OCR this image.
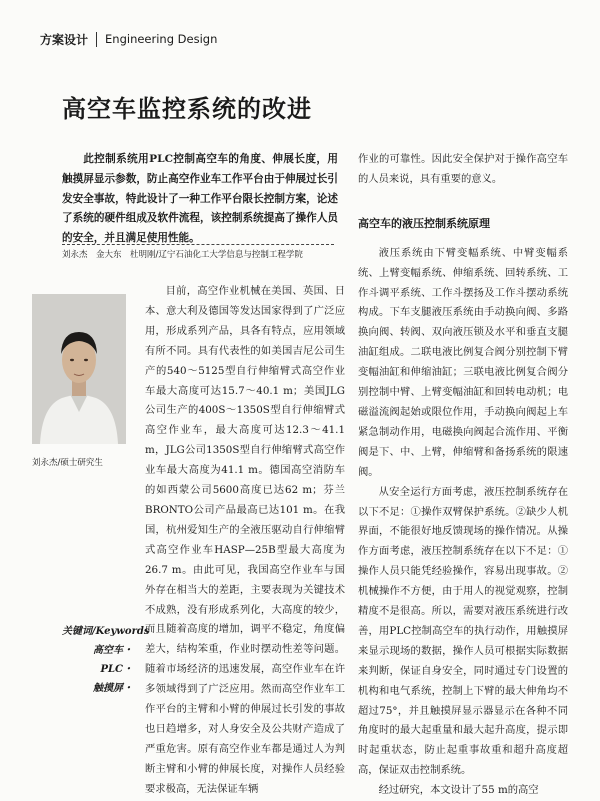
方案设计 Engineering Design
高空车监控系统的改进
此控制系统用PLC控制高空车的角度、伸展长度，用触摸屏显示参数，防止高空作业车工作平台由于伸展过长引发安全事故，特此设计了一种工作平台限长控制方案，论述了系统的硬件组成及软件流程，该控制系统提高了操作人员的安全，并且满足使用性能。
刘永杰　金大东　杜明刚/辽宁石油化工大学信息与控制工程学院
刘永杰/硕士研究生
关键词/Keywords
高空车・
PLC・
触摸屏・

目前，高空作业机械在美国、英国、日本、意大利及德国等发达国家得到了广泛应用，形成系列产品，具各有特点，应用领域有所不同。具有代表性的如美国吉尼公司生产的540～5125型自行伸缩臂式高空作业车最大高度可达15.7～40.1 m；美国JLG公司生产的400S～1350S型自行伸缩臂式高空作业车，最大高度可达12.3～41.1 m，JLG公司1350S型自行伸缩臂式高空作业车最大高度为41.1 m。德国高空消防车的如西蒙公司5600高度已达62 m；芬兰BRONTO公司产品最高已达101 m。在我国，杭州爱知生产的全液压驱动自行伸缩臂式高空作业车HASP—25B型最大高度为26.7 m。由此可见，我国高空作业车与国外存在相当大的差距，主要表现为关键技术不成熟，没有形成系列化，大高度的较少，而且随着高度的增加，调平不稳定，角度偏差大，结构笨重，作业时摆动性差等问题。随着市场经济的迅速发展，高空作业车在许多领域得到了广泛应用。然而高空作业车工作平台的主臂和小臂的伸展过长引发的事故也日趋增多，对人身安全及公共财产造成了严重危害。原有高空作业车都是通过人为判断主臂和小臂的伸展长度，对操作人员经验要求极高，无法保证车辆

作业的可靠性。因此安全保护对于操作高空车的人员来说，具有重要的意义。

高空车的液压控制系统原理

液压系统由下臂变幅系统、中臂变幅系统、上臂变幅系统、伸缩系统、回转系统、工作斗调平系统、工作斗摆扬及工作斗摆动系统构成。下车支腿液压系统由手动换向阀、多路换向阀、转阀、双向液压锁及水平和垂直支腿油缸组成。二联电液比例复合阀分别控制下臂变幅油缸和伸缩油缸；三联电液比例复合阀分别控制中臂、上臂变幅油缸和回转电动机；电磁溢流阀起始或限位作用，手动换向阀起上车紧急制动作用，电磁换向阀起合流作用、平衡阀是下、中、上臂，伸缩臂和备扬系统的限速阀。

从安全运行方面考虑，液压控制系统存在以下不足：①操作双臂保护系统。②缺少人机界面，不能很好地反馈现场的操作情况。从操作方面考虑，液压控制系统存在以下不足：①操作人员只能凭经验操作，容易出现事故。②机械操作不方便，由于用人的视觉观察，控制精度不是很高。所以，需要对液压系统进行改善，用PLC控制高空车的执行动作，用触摸屏来显示现场的数据，操作人员可根据实际数据来判断，保证自身安全，同时通过专门设置的机构和电气系统，控制上下臂的最大伸角均不超过75°，并且触摸屏显示器显示在各种不同角度时的最大起重量和最大起升高度，提示即时起重状态，防止起重事故重和超升高度超高，保证双击控制系统。

经过研究，本文设计了55 m的高空
